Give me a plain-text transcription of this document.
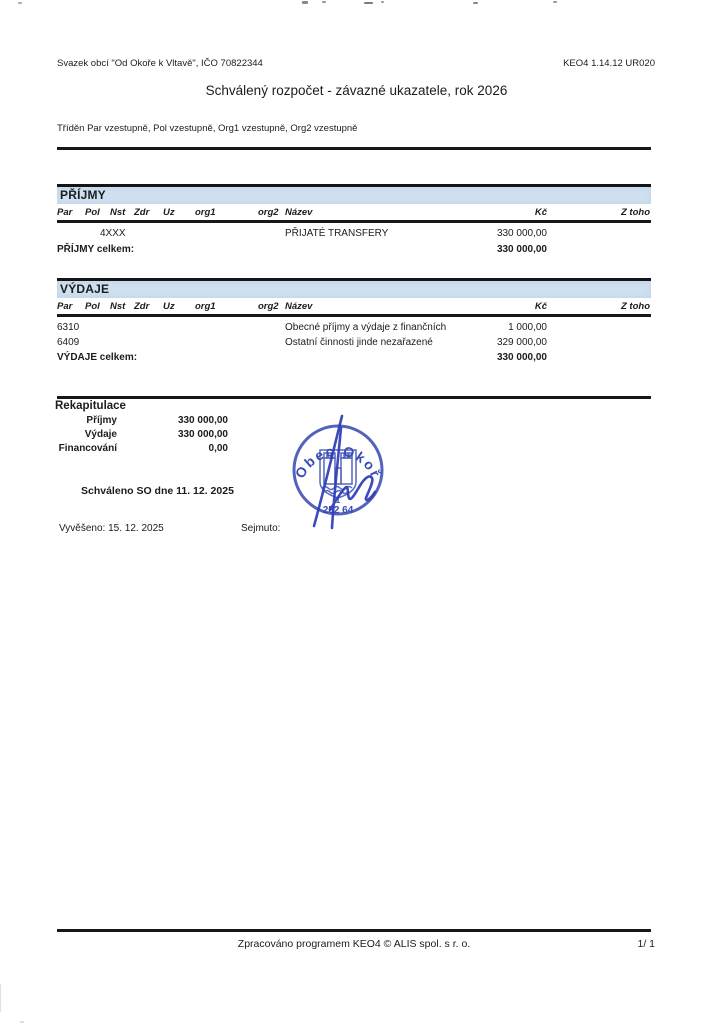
Svazek obcí "Od Okoře k Vltavě", IČO 70822344	KEO4 1.14.12 UR020
Schválený rozpočet - závazné ukazatele, rok 2026
Tříděn Par vzestupně, Pol vzestupně, Org1 vzestupně, Org2 vzestupně
PŘÍJMY
Par Pol Nst Zdr Uz org1	org2 Název	Kč	Z toho
4XXX	PŘIJATÉ TRANSFERY	330 000,00
PŘÍJMY celkem:	330 000,00
VÝDAJE
Par Pol Nst Zdr Uz org1	org2 Název	Kč	Z toho
6310	Obecné příjmy a výdaje z finančních	1 000,00
6409	Ostatní činnosti jinde nezařazené	329 000,00
VÝDAJE celkem:	330 000,00
Rekapitulace
Příjmy	330 000,00
Výdaje	330 000,00
Financování	0,00
Schváleno SO dne 11. 12. 2025
Obec Okoř
1
252 64
Vyvěšeno: 15. 12. 2025	Sejmuto:
Zpracováno programem KEO4 © ALIS spol. s r. o.	1/ 1
